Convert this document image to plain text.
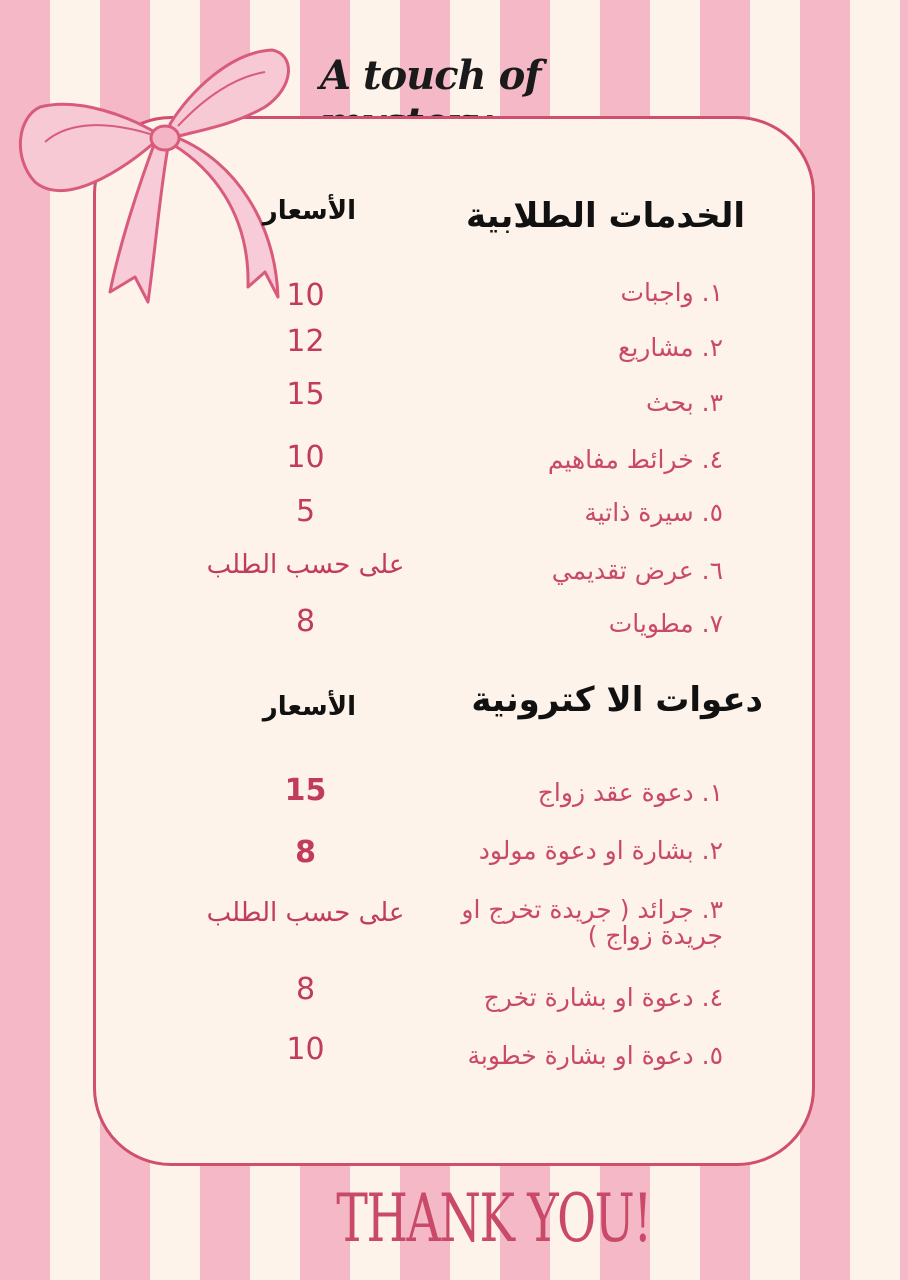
A touch of
الخدمات الطلابية
الأسعار
١. واجبات
10
٢. مشاريع
12
٣. بحث
15
٤. خرائط مفاهيم
10
٥. سيرة ذاتية
5
٦. عرض تقديمي
على حسب الطلب
٧. مطويات
8
دعوات الا كترونية
الأسعار
١. دعوة عقد زواج
15
٢. بشارة او دعوة مولود
8
٣. جرائد ( جريدة تخرج او جريدة زواج )
على حسب الطلب
٤. دعوة او بشارة تخرج
8
٥. دعوة او بشارة خطوبة
10
THANK YOU!
